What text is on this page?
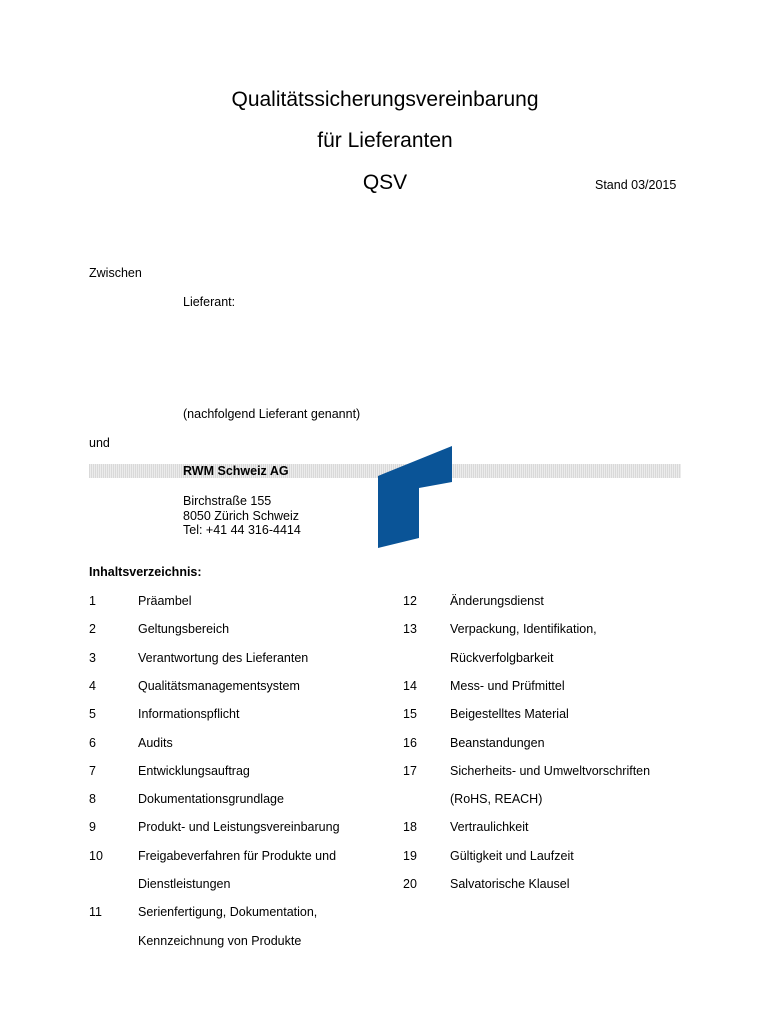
Qualitätssicherungsvereinbarung
für Lieferanten
QSV	Stand 03/2015
Zwischen
Lieferant:
(nachfolgend Lieferant genannt)
und
RWM Schweiz AG
Birchstraße 155
8050 Zürich Schweiz
Tel: +41 44 316-4414
Inhaltsverzeichnis:
1	Präambel
2	Geltungsbereich
3	Verantwortung des Lieferanten
4	Qualitätsmanagementsystem
5	Informationspflicht
6	Audits
7	Entwicklungsauftrag
8	Dokumentationsgrundlage
9	Produkt- und Leistungsvereinbarung
10	Freigabeverfahren für Produkte und
Dienstleistungen
11	Serienfertigung, Dokumentation,
Kennzeichnung von Produkte
12	Änderungsdienst
13	Verpackung, Identifikation,
Rückverfolgbarkeit
14	Mess- und Prüfmittel
15	Beigestelltes Material
16	Beanstandungen
17	Sicherheits- und Umweltvorschriften
(RoHS, REACH)
18	Vertraulichkeit
19	Gültigkeit und Laufzeit
20	Salvatorische Klausel
